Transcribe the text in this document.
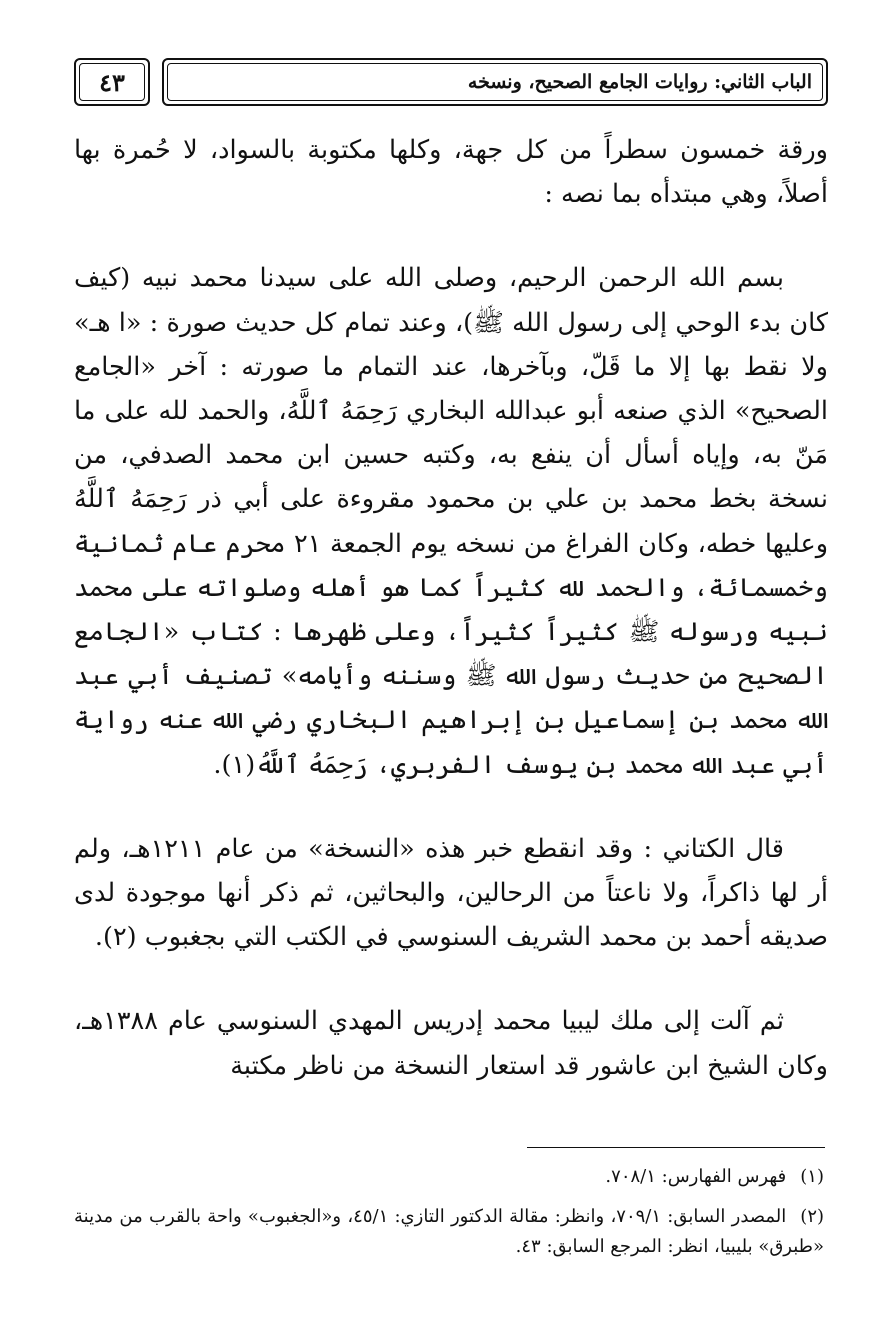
الباب الثاني: روايات الجامع الصحيح، ونسخه
٤٣

ورقة خمسون سطراً من كل جهة، وكلها مكتوبة بالسواد، لا حُمرة بها أصلاً، وهي مبتدأه بما نصه :

بسم الله الرحمن الرحيم، وصلى الله على سيدنا محمد نبيه (كيف كان بدء الوحي إلى رسول الله ﷺ)، وعند تمام كل حديث صورة : «ا هـ» ولا نقط بها إلا ما قَلّ، وبآخرها، عند التمام ما صورته : آخر «الجامع الصحيح» الذي صنعه أبو عبدالله البخاري رَحِمَهُ ٱللَّهُ، والحمد لله على ما مَنّ به، وإياه أسأل أن ينفع به، وكتبه حسين ابن محمد الصدفي، من نسخة بخط محمد بن علي بن محمود مقروءة على أبي ذر رَحِمَهُ ٱللَّهُ وعليها خطه، وكان الفراغ من نسخه يوم الجمعة ٢١ محرم عام ثمانية وخمسمائة، والحمد لله كثيراً كما هو أهله وصلواته على محمد نبيه ورسوله ﷺ كثيراً كثيراً، وعلى ظهرها : كتاب «الجامع الصحيح من حديث رسول الله ﷺ وسننه وأيامه» تصنيف أبي عبد الله محمد بن إسماعيل بن إبراهيم البخاري رضي الله عنه رواية أبي عبد الله محمد بن يوسف الفربري، رَحِمَهُ ٱللَّهُ(١).

قال الكتاني : وقد انقطع خبر هذه «النسخة» من عام ١٢١١هـ، ولم أر لها ذاكراً، ولا ناعتاً من الرحالين، والبحاثين، ثم ذكر أنها موجودة لدى صديقه أحمد بن محمد الشريف السنوسي في الكتب التي بجغبوب (٢).

ثم آلت إلى ملك ليبيا محمد إدريس المهدي السنوسي عام ١٣٨٨هـ، وكان الشيخ ابن عاشور قد استعار النسخة من ناظر مكتبة

(١)فهرس الفهارس: ٧٠٨/١.

(٢)المصدر السابق: ٧٠٩/١، وانظر: مقالة الدكتور التازي: ٤٥/١، و«الجغبوب» واحة بالقرب من مدينة «طبرق» بليبيا، انظر: المرجع السابق: ٤٣.
